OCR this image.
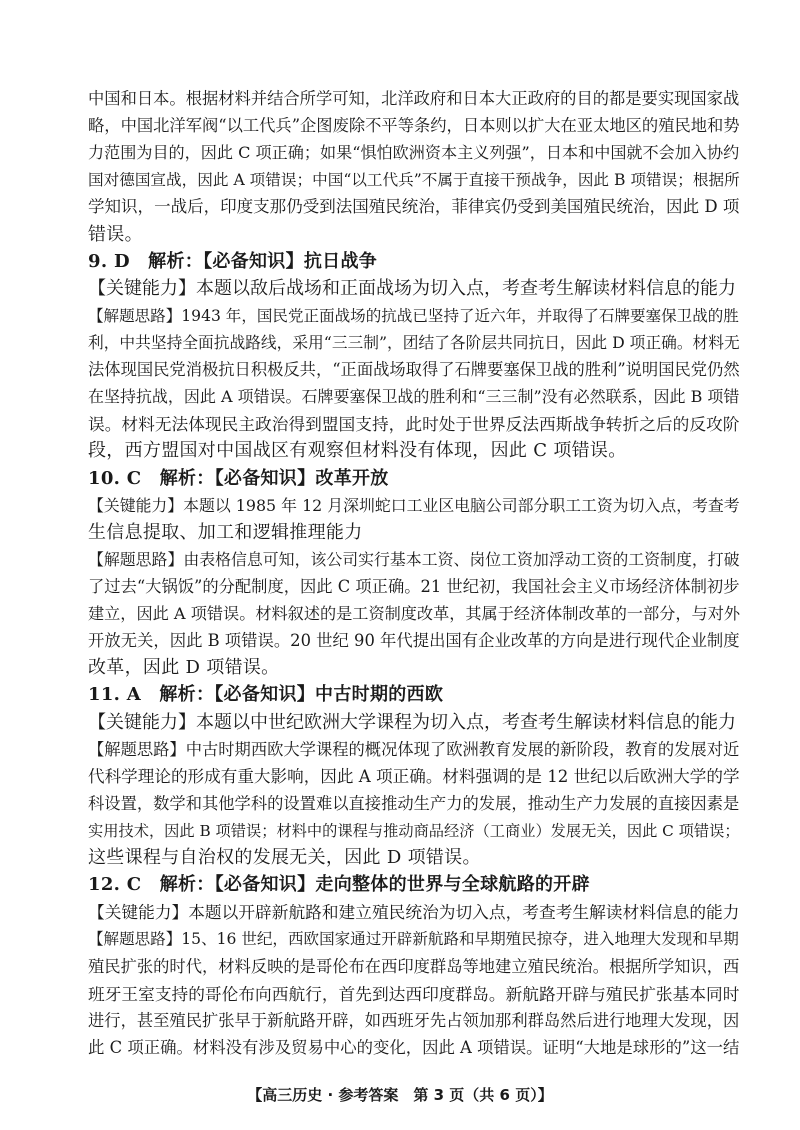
中国和日本。根据材料并结合所学可知，北洋政府和日本大正政府的目的都是要实现国家战
略，中国北洋军阀“以工代兵”企图废除不平等条约，日本则以扩大在亚太地区的殖民地和势
力范围为目的，因此 C 项正确；如果“惧怕欧洲资本主义列强”，日本和中国就不会加入协约
国对德国宣战，因此 A 项错误；中国“以工代兵”不属于直接干预战争，因此 B 项错误；根据所
学知识，一战后，印度支那仍受到法国殖民统治，菲律宾仍受到美国殖民统治，因此 D 项
错误。
9. D　解析：【必备知识】抗日战争
【关键能力】本题以敌后战场和正面战场为切入点，考查考生解读材料信息的能力
【解题思路】1943 年，国民党正面战场的抗战已坚持了近六年，并取得了石牌要塞保卫战的胜
利，中共坚持全面抗战路线，采用“三三制”，团结了各阶层共同抗日，因此 D 项正确。材料无
法体现国民党消极抗日积极反共，“正面战场取得了石牌要塞保卫战的胜利”说明国民党仍然
在坚持抗战，因此 A 项错误。石牌要塞保卫战的胜利和“三三制”没有必然联系，因此 B 项错
误。材料无法体现民主政治得到盟国支持，此时处于世界反法西斯战争转折之后的反攻阶
段，西方盟国对中国战区有观察但材料没有体现，因此 C 项错误。
10. C　解析：【必备知识】改革开放
【关键能力】本题以 1985 年 12 月深圳蛇口工业区电脑公司部分职工工资为切入点，考查考
生信息提取、加工和逻辑推理能力
【解题思路】由表格信息可知，该公司实行基本工资、岗位工资加浮动工资的工资制度，打破
了过去“大锅饭”的分配制度，因此 C 项正确。21 世纪初，我国社会主义市场经济体制初步
建立，因此 A 项错误。材料叙述的是工资制度改革，其属于经济体制改革的一部分，与对外
开放无关，因此 B 项错误。20 世纪 90 年代提出国有企业改革的方向是进行现代企业制度
改革，因此 D 项错误。
11. A　解析：【必备知识】中古时期的西欧
【关键能力】本题以中世纪欧洲大学课程为切入点，考查考生解读材料信息的能力
【解题思路】中古时期西欧大学课程的概况体现了欧洲教育发展的新阶段，教育的发展对近
代科学理论的形成有重大影响，因此 A 项正确。材料强调的是 12 世纪以后欧洲大学的学
科设置，数学和其他学科的设置难以直接推动生产力的发展，推动生产力发展的直接因素是
实用技术，因此 B 项错误；材料中的课程与推动商品经济（工商业）发展无关，因此 C 项错误；
这些课程与自治权的发展无关，因此 D 项错误。
12. C　解析：【必备知识】走向整体的世界与全球航路的开辟
【关键能力】本题以开辟新航路和建立殖民统治为切入点，考查考生解读材料信息的能力
【解题思路】15、16 世纪，西欧国家通过开辟新航路和早期殖民掠夺，进入地理大发现和早期
殖民扩张的时代，材料反映的是哥伦布在西印度群岛等地建立殖民统治。根据所学知识，西
班牙王室支持的哥伦布向西航行，首先到达西印度群岛。新航路开辟与殖民扩张基本同时
进行，甚至殖民扩张早于新航路开辟，如西班牙先占领加那利群岛然后进行地理大发现，因
此 C 项正确。材料没有涉及贸易中心的变化，因此 A 项错误。证明“大地是球形的”这一结
【高三历史 · 参考答案　第 3 页（共 6 页）】
